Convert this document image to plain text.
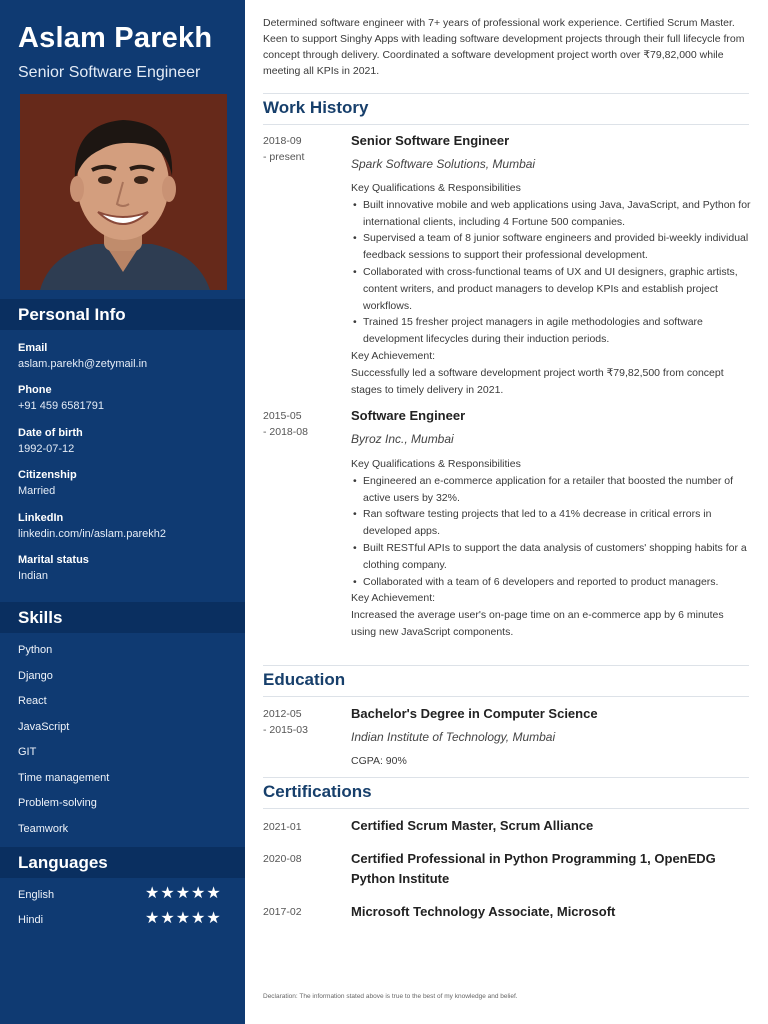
Aslam Parekh
Senior Software Engineer
Personal Info
Email
aslam.parekh@zetymail.in
Phone
+91 459 6581791
Date of birth
1992-07-12
Citizenship
Married
LinkedIn
linkedin.com/in/aslam.parekh2
Marital status
Indian
Skills
Python
Django
React
JavaScript
GIT
Time management
Problem-solving
Teamwork
Languages
English	★★★★★
Hindi	★★★★★
Determined software engineer with 7+ years of professional work experience. Certified Scrum Master. Keen to support Singhy Apps with leading software development projects through their full lifecycle from concept through delivery. Coordinated a software development project worth over ₹79,82,000 while meeting all KPIs in 2021.
Work History
2018-09
- present
Senior Software Engineer
Spark Software Solutions, Mumbai
Key Qualifications & Responsibilities
• Built innovative mobile and web applications using Java, JavaScript, and Python for international clients, including 4 Fortune 500 companies.
• Supervised a team of 8 junior software engineers and provided bi-weekly individual feedback sessions to support their professional development.
• Collaborated with cross-functional teams of UX and UI designers, graphic artists, content writers, and product managers to develop KPIs and establish project workflows.
• Trained 15 fresher project managers in agile methodologies and software development lifecycles during their induction periods.
Key Achievement:
Successfully led a software development project worth ₹79,82,500 from concept stages to timely delivery in 2021.
2015-05
- 2018-08
Software Engineer
Byroz Inc., Mumbai
Key Qualifications & Responsibilities
• Engineered an e-commerce application for a retailer that boosted the number of active users by 32%.
• Ran software testing projects that led to a 41% decrease in critical errors in developed apps.
• Built RESTful APIs to support the data analysis of customers' shopping habits for a clothing company.
• Collaborated with a team of 6 developers and reported to product managers.
Key Achievement:
Increased the average user's on-page time on an e-commerce app by 6 minutes using new JavaScript components.
Education
2012-05
- 2015-03
Bachelor's Degree in Computer Science
Indian Institute of Technology, Mumbai
CGPA: 90%
Certifications
2021-01	Certified Scrum Master, Scrum Alliance
2020-08	Certified Professional in Python Programming 1, OpenEDG Python Institute
2017-02	Microsoft Technology Associate, Microsoft
Declaration: The information stated above is true to the best of my knowledge and belief.
